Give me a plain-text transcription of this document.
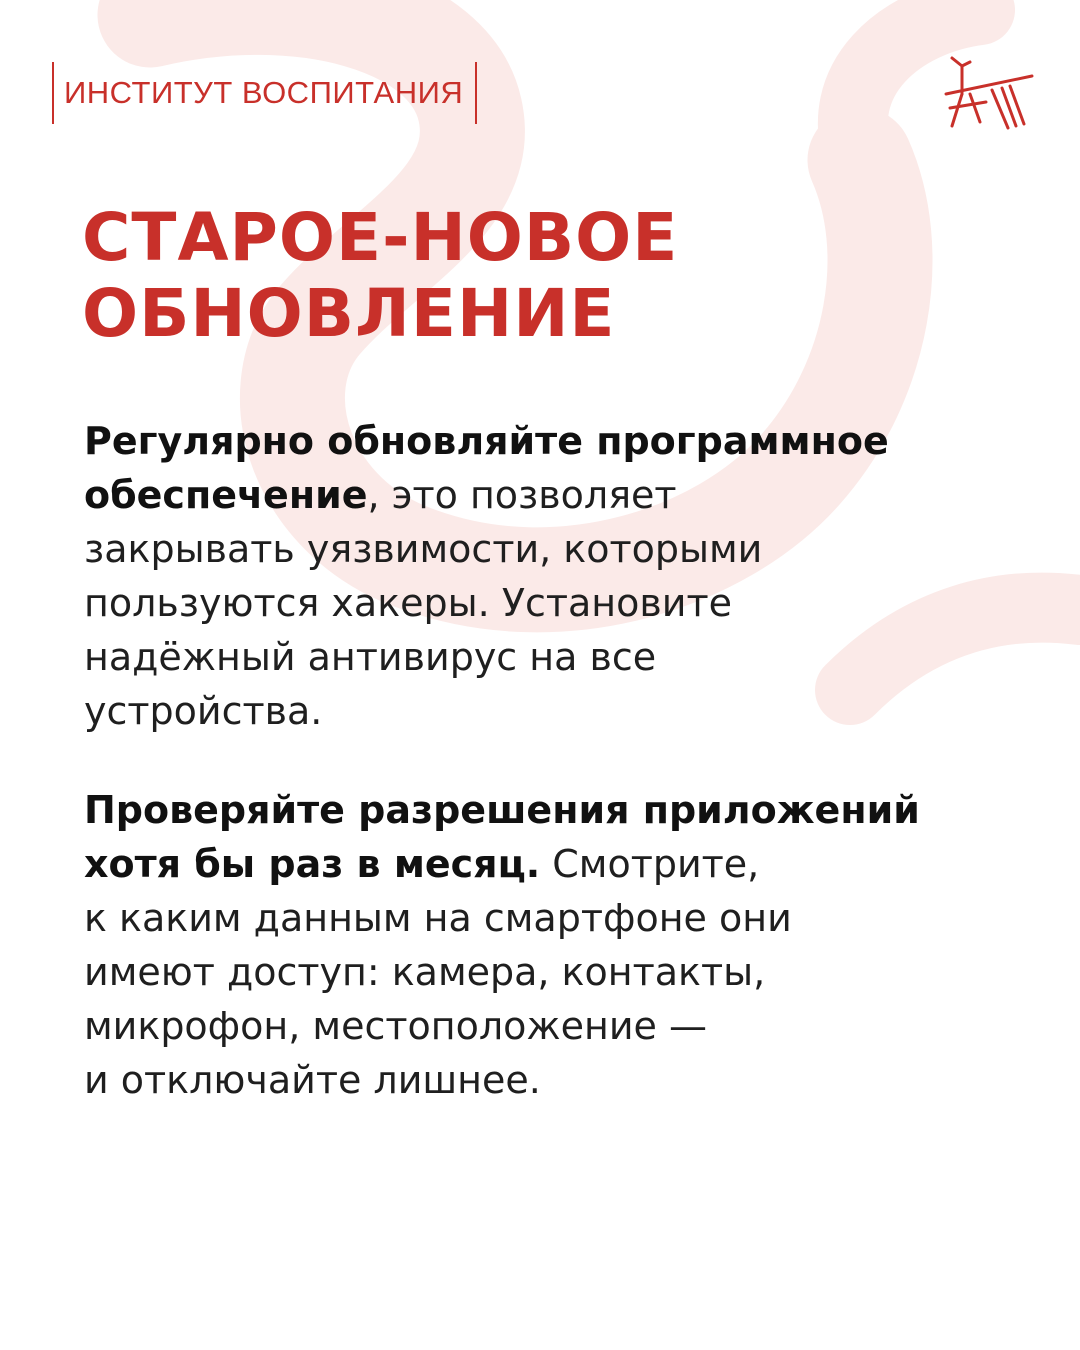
ИНСТИТУТ ВОСПИТАНИЯ
СТАРОЕ-НОВОЕ
ОБНОВЛЕНИЕ

Регулярно обновляйте программное
обеспечение, это позволяет
закрывать уязвимости, которыми
пользуются хакеры. Установите
надёжный антивирус на все
устройства.

Проверяйте разрешения приложений
хотя бы раз в месяц. Смотрите,
к каким данным на смартфоне они
имеют доступ: камера, контакты,
микрофон, местоположение —
и отключайте лишнее.
